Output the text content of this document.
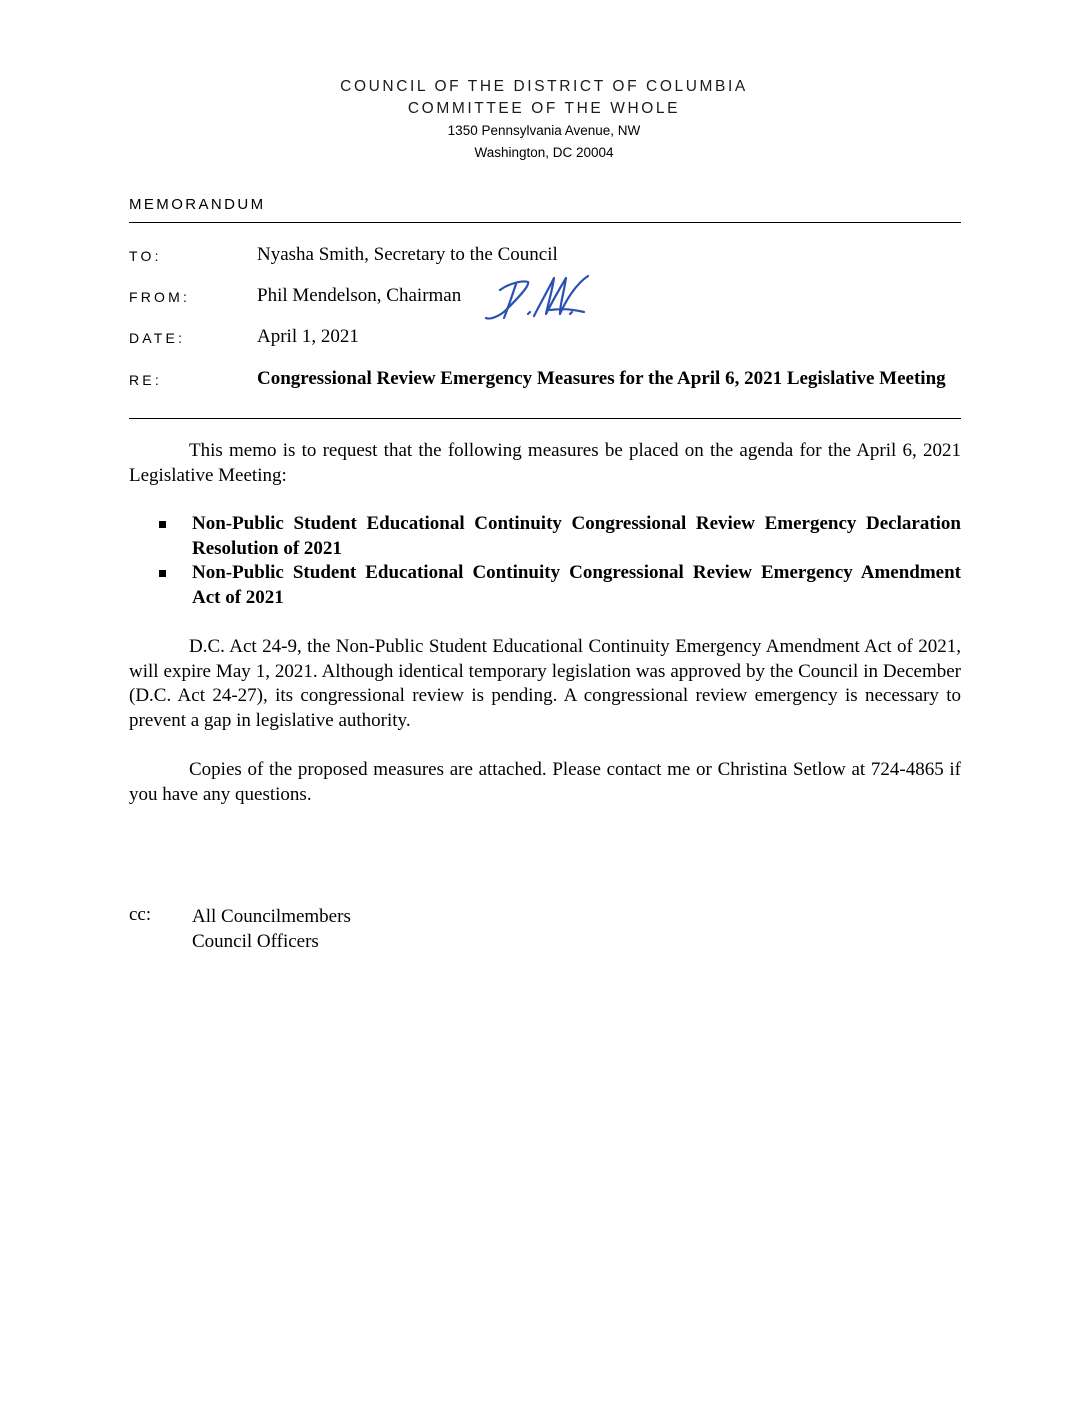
COUNCIL OF THE DISTRICT OF COLUMBIA
COMMITTEE OF THE WHOLE
1350 Pennsylvania Avenue, NW
Washington, DC 20004
MEMORANDUM
TO:	Nyasha Smith, Secretary to the Council
FROM:	Phil Mendelson, Chairman
DATE:	April 1, 2021
RE:	Congressional Review Emergency Measures for the April 6, 2021 Legislative Meeting
This memo is to request that the following measures be placed on the agenda for the April 6, 2021 Legislative Meeting:
Non-Public Student Educational Continuity Congressional Review Emergency Declaration Resolution of 2021
Non-Public Student Educational Continuity Congressional Review Emergency Amendment Act of 2021
D.C. Act 24-9, the Non-Public Student Educational Continuity Emergency Amendment Act of 2021, will expire May 1, 2021. Although identical temporary legislation was approved by the Council in December (D.C. Act 24-27), its congressional review is pending. A congressional review emergency is necessary to prevent a gap in legislative authority.
Copies of the proposed measures are attached. Please contact me or Christina Setlow at 724-4865 if you have any questions.
cc: All Councilmembers
Council Officers
